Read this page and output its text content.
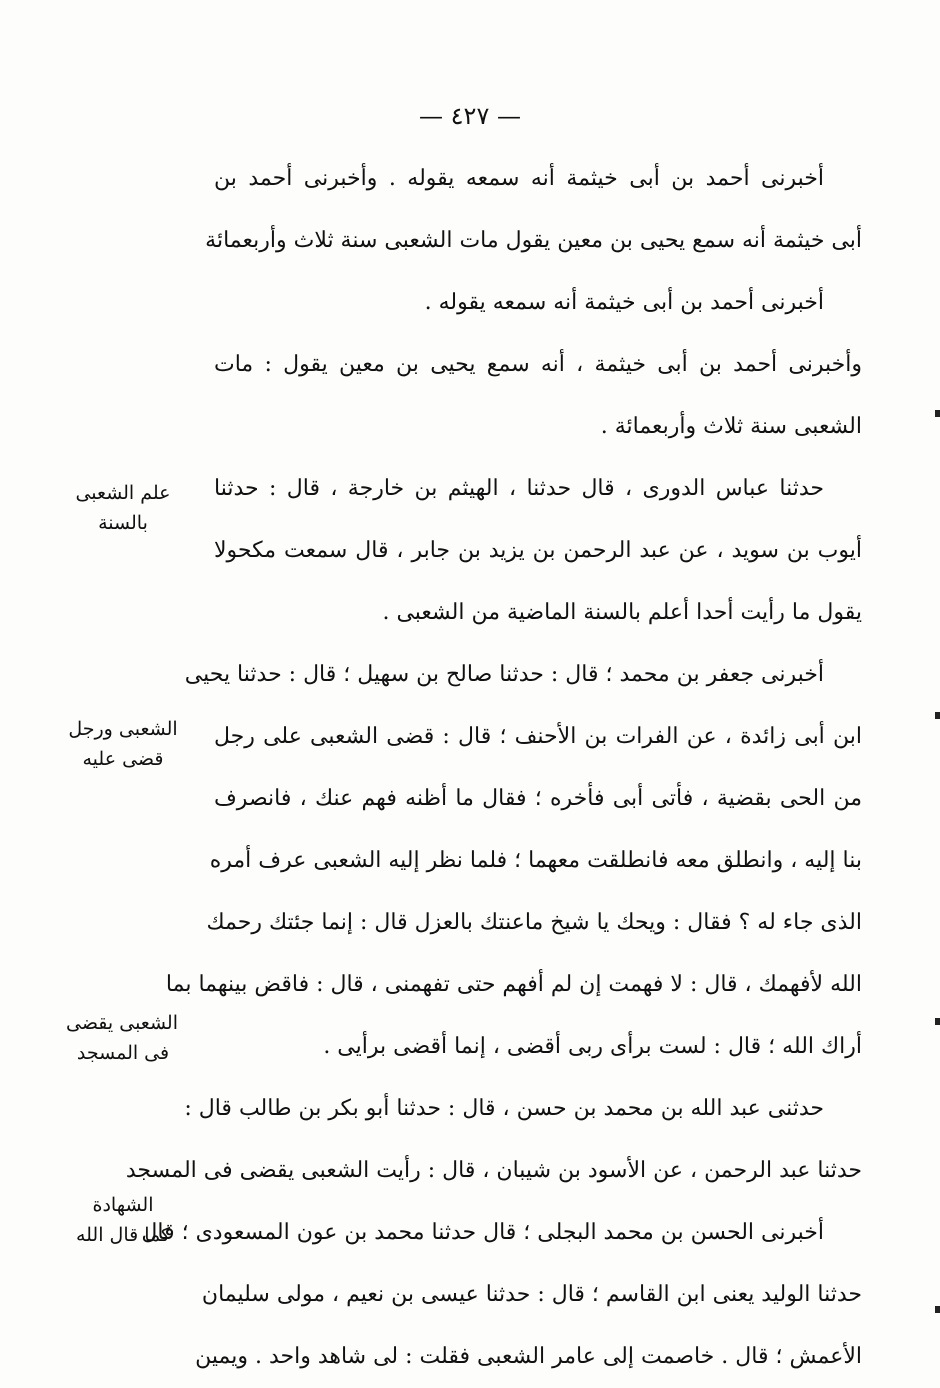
— ٤٢٧ —
أخبرنى أحمد بن أبى خيثمة أنه سمعه يقوله . وأخبرنى أحمد بن
أبى خيثمة أنه سمع يحيى بن معين يقول مات الشعبى سنة ثلاث وأربعمائة
أخبرنى أحمد بن أبى خيثمة أنه سمعه يقوله .
وأخبرنى أحمد بن أبى خيثمة ، أنه سمع يحيى بن معين يقول : مات
الشعبى سنة ثلاث وأربعمائة .
حدثنا عباس الدورى ، قال حدثنا ، الهيثم بن خارجة ، قال : حدثنا
أيوب بن سويد ، عن عبد الرحمن بن يزيد بن جابر ، قال سمعت مكحولا
يقول ما رأيت أحدا أعلم بالسنة الماضية من الشعبى .
أخبرنى جعفر بن محمد ؛ قال : حدثنا صالح بن سهيل ؛ قال : حدثنا يحيى
ابن أبى زائدة ، عن الفرات بن الأحنف ؛ قال : قضى الشعبى على رجل
من الحى بقضية ، فأتى أبى فأخره ؛ فقال ما أظنه فهم عنك ، فانصرف
بنا إليه ، وانطلق معه فانطلقت معهما ؛ فلما نظر إليه الشعبى عرف أمره
الذى جاء له ؟ فقال : ويحك يا شيخ ماعنتك بالعزل قال : إنما جئتك رحمك
الله لأفهمك ، قال : لا فهمت إن لم أفهم حتى تفهمنى ، قال : فاقض بينهما بما
أراك الله ؛ قال : لست برأى ربى أقضى ، إنما أقضى برأيى .
حدثنى عبد الله بن محمد بن حسن ، قال : حدثنا أبو بكر بن طالب قال :
حدثنا عبد الرحمن ، عن الأسود بن شيبان ، قال : رأيت الشعبى يقضى فى المسجد
أخبرنى الحسن بن محمد البجلى ؛ قال حدثنا محمد بن عون المسعودى ؛ قال
حدثنا الوليد يعنى ابن القاسم ؛ قال : حدثنا عيسى بن نعيم ، مولى سليمان
الأعمش ؛ قال . خاصمت إلى عامر الشعبى فقلت : لى شاهد واحد . ويمين
علم الشعبى
بالسنة
الشعبى ورجل
قضى عليه
الشعبى يقضى
فى المسجد
الشهادة
كما قال الله
